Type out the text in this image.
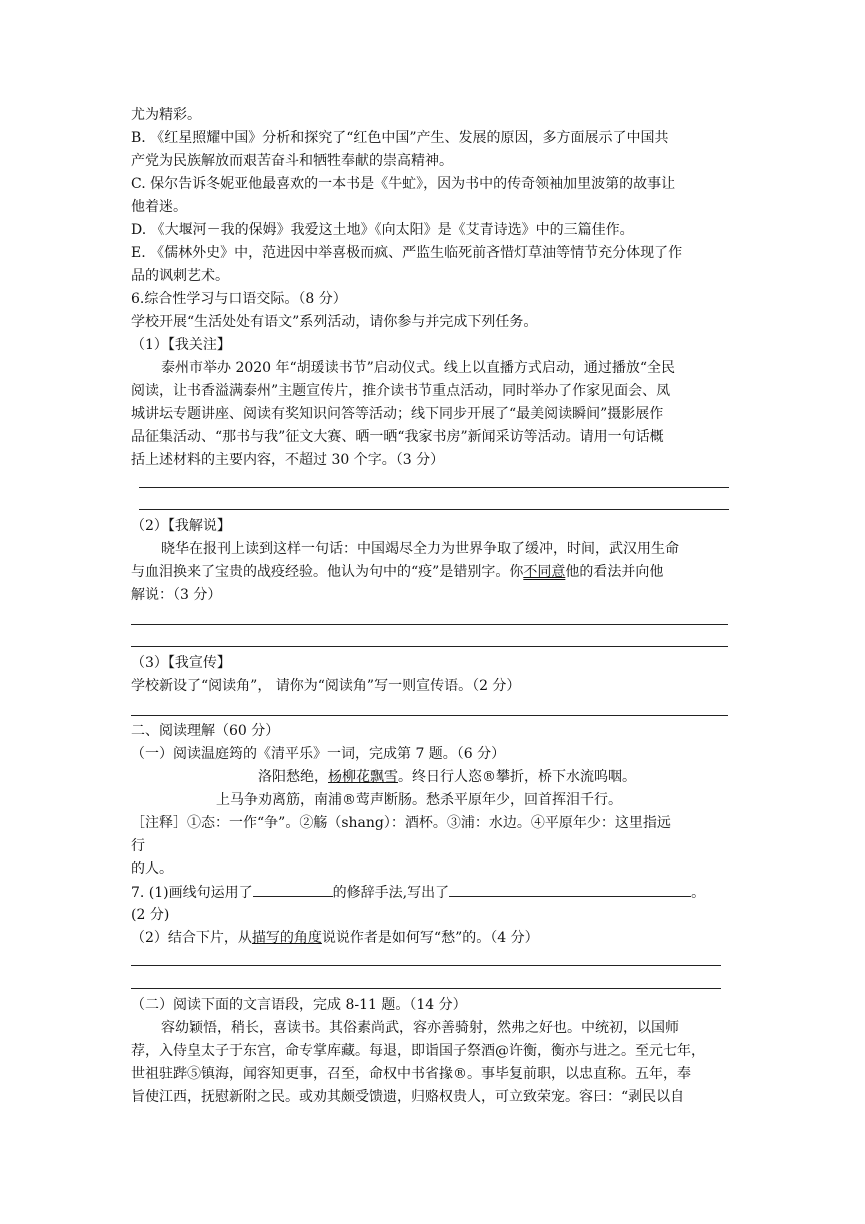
尤为精彩。
B. 《红星照耀中国》分析和探究了“红色中国”产生、发展的原因，多方面展示了中国共
产党为民族解放而艰苦奋斗和牺牲奉献的崇高精神。
C. 保尔告诉冬妮亚他最喜欢的一本书是《牛虻》，因为书中的传奇领袖加里波第的故事让
他着迷。
D. 《大堰河－我的保姆》我爱这土地》《向太阳》是《艾青诗选》中的三篇佳作。
E. 《儒林外史》中，范进因中举喜极而疯、严监生临死前吝惜灯草油等情节充分体现了作
品的讽刺艺术。
6.综合性学习与口语交际。（8 分）
学校开展“生活处处有语文”系列活动，请你参与并完成下列任务。
（1）【我关注】
泰州市举办 2020 年“胡瑗读书节”启动仪式。线上以直播方式启动，通过播放“全民
阅读，让书香溢满泰州”主题宣传片，推介读书节重点活动，同时举办了作家见面会、凤
城讲坛专题讲座、阅读有奖知识问答等活动；线下同步开展了“最美阅读瞬间”摄影展作
品征集活动、“那书与我”征文大赛、晒一晒“我家书房”新闻采访等活动。请用一句话概
括上述材料的主要内容，不超过 30 个字。（3 分）
（2）【我解说】
晓华在报刊上读到这样一句话：中国竭尽全力为世界争取了缓冲，时间，武汉用生命
与血泪换来了宝贵的战疫经验。他认为句中的“疫”是错别字。你不同意他的看法并向他
解说：（3 分）
（3）【我宣传】
学校新设了“阅读角”， 请你为“阅读角”写一则宣传语。（2 分）
二、阅读理解（60 分）
（一）阅读温庭筠的《清平乐》一词，完成第 7 题。（6 分）
洛阳愁绝，杨柳花飘雪。终日行人恣®攀折，桥下水流呜咽。
上马争劝离筋，南浦®莺声断肠。愁杀平原年少，回首挥泪千行。
［注释］①态：一作“争”。②觞（shang）：酒杯。③浦：水边。④平原年少：这里指远
行
的人。
7. (1)画线句运用了	的修辞手法,写出了	。
(2 分)
（2）结合下片，从描写的角度说说作者是如何写“愁”的。（4 分）
（二）阅读下面的文言语段，完成 8-11 题。（14 分）
容幼颖悟，稍长，喜读书。其俗素尚武，容亦善骑射，然弗之好也。中统初，以国师
荐，入侍皇太子于东宫，命专掌库藏。每退，即诣国子祭酒@许衡，衡亦与进之。至元七年，
世祖驻跸⑤镇海，闻容知更事，召至，命权中书省掾®。事毕复前职，以忠直称。五年，奉
旨使江西，抚慰新附之民。或劝其颇受馈遗，归赂权贵人，可立致荣宠。容曰：“剥民以自
